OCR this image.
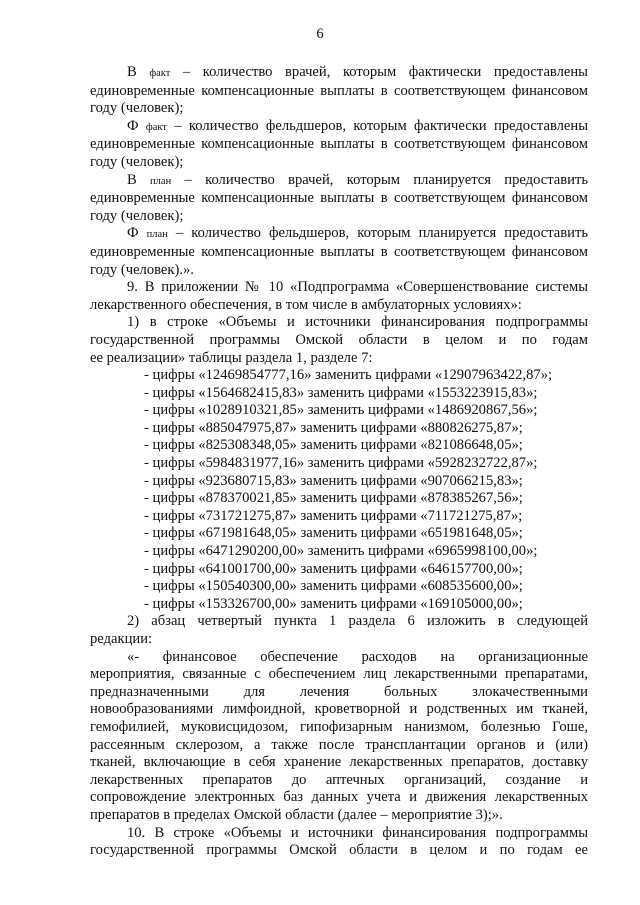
6

В факт – количество врачей, которым фактически предоставлены

единовременные компенсационные выплаты в соответствующем финансовом

году (человек);

Ф факт – количество фельдшеров, которым фактически предоставлены

единовременные компенсационные выплаты в соответствующем финансовом

году (человек);

В план – количество врачей, которым планируется предоставить

единовременные компенсационные выплаты в соответствующем финансовом

году (человек);

Ф план – количество фельдшеров, которым планируется предоставить

единовременные компенсационные выплаты в соответствующем финансовом

году (человек).».

9. В приложении № 10 «Подпрограмма «Совершенствование системы

лекарственного обеспечения, в том числе в амбулаторных условиях»:

1) в строке «Объемы и источники финансирования подпрограммы

государственной программы Омской области в целом и по годам

ее реализации» таблицы раздела 1, разделе 7:

- цифры «12469854777,16» заменить цифрами «12907963422,87»;

- цифры «1564682415,83» заменить цифрами «1553223915,83»;

- цифры «1028910321,85» заменить цифрами «1486920867,56»;

- цифры «885047975,87» заменить цифрами «880826275,87»;

- цифры «825308348,05» заменить цифрами «821086648,05»;

- цифры «5984831977,16» заменить цифрами «5928232722,87»;

- цифры «923680715,83» заменить цифрами «907066215,83»;

- цифры «878370021,85» заменить цифрами «878385267,56»;

- цифры «731721275,87» заменить цифрами «711721275,87»;

- цифры «671981648,05» заменить цифрами «651981648,05»;

- цифры «6471290200,00» заменить цифрами «6965998100,00»;

- цифры «641001700,00» заменить цифрами «646157700,00»;

- цифры «150540300,00» заменить цифрами «608535600,00»;

- цифры «153326700,00» заменить цифрами «169105000,00»;

2) абзац четвертый пункта 1 раздела 6 изложить в следующей

редакции:

«- финансовое обеспечение расходов на организационные

мероприятия, связанные с обеспечением лиц лекарственными препаратами,

предназначенными для лечения больных злокачественными

новообразованиями лимфоидной, кроветворной и родственных им тканей,

гемофилией, муковисцидозом, гипофизарным нанизмом, болезнью Гоше,

рассеянным склерозом, а также после трансплантации органов и (или)

тканей, включающие в себя хранение лекарственных препаратов, доставку

лекарственных препаратов до аптечных организаций, создание и

сопровождение электронных баз данных учета и движения лекарственных

препаратов в пределах Омской области (далее – мероприятие 3);».

10. В строке «Объемы и источники финансирования подпрограммы

государственной программы Омской области в целом и по годам ее
